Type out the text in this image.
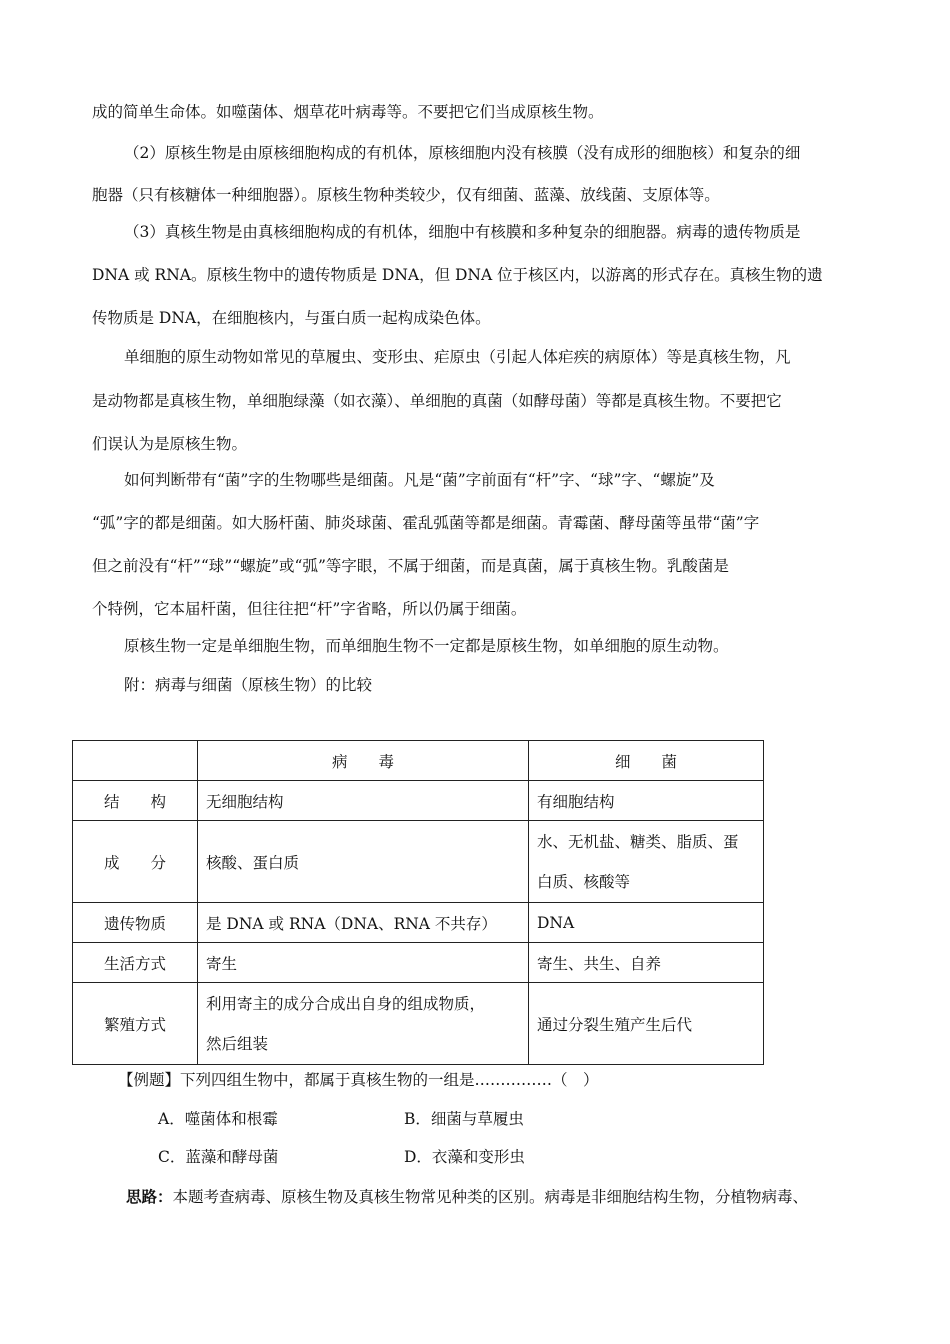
成的简单生命体。如噬菌体、烟草花叶病毒等。不要把它们当成原核生物。
（2）原核生物是由原核细胞构成的有机体，原核细胞内没有核膜（没有成形的细胞核）和复杂的细
胞器（只有核糖体一种细胞器）。原核生物种类较少，仅有细菌、蓝藻、放线菌、支原体等。
（3）真核生物是由真核细胞构成的有机体，细胞中有核膜和多种复杂的细胞器。病毒的遗传物质是
DNA 或 RNA。原核生物中的遗传物质是 DNA，但 DNA 位于核区内，以游离的形式存在。真核生物的遗
传物质是 DNA，在细胞核内，与蛋白质一起构成染色体。
单细胞的原生动物如常见的草履虫、变形虫、疟原虫（引起人体疟疾的病原体）等是真核生物，凡
是动物都是真核生物，单细胞绿藻（如衣藻）、单细胞的真菌（如酵母菌）等都是真核生物。不要把它
们误认为是原核生物。
如何判断带有“菌”字的生物哪些是细菌。凡是“菌”字前面有“杆”字、“球”字、“螺旋”及
“弧”字的都是细菌。如大肠杆菌、肺炎球菌、霍乱弧菌等都是细菌。青霉菌、酵母菌等虽带“菌”字
但之前没有“杆”“球”“螺旋”或“弧”等字眼，不属于细菌，而是真菌，属于真核生物。乳酸菌是
个特例，它本届杆菌，但往往把“杆”字省略，所以仍属于细菌。
原核生物一定是单细胞生物，而单细胞生物不一定都是原核生物，如单细胞的原生动物。
附：病毒与细菌（原核生物）的比较
	病　　毒	细　　菌
结　　构	无细胞结构	有细胞结构
成　　分	核酸、蛋白质	水、无机盐、糖类、脂质、蛋
白质、核酸等

遗传物质	是 DNA 或 RNA（DNA、RNA 不共存）	DNA
生活方式	寄生	寄生、共生、自养
繁殖方式	利用寄主的成分合成出自身的组成物质，
然后组装	通过分裂生殖产生后代
【例题】下列四组生物中，都属于真核生物的一组是……………（　）
A．噬菌体和根霉	B．细菌与草履虫
C．蓝藻和酵母菌	D．衣藻和变形虫
思路：本题考查病毒、原核生物及真核生物常见种类的区别。病毒是非细胞结构生物，分植物病毒、
